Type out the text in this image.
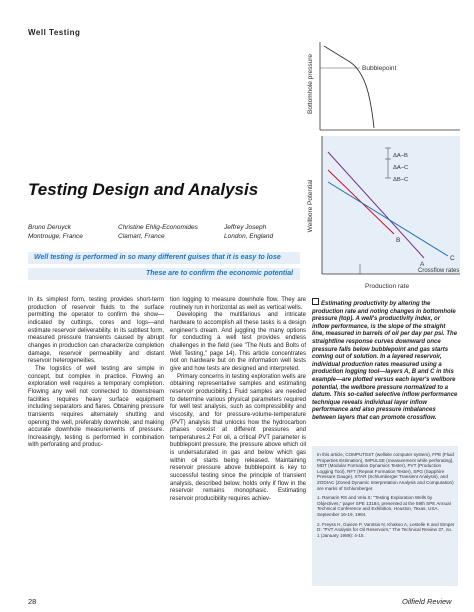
Well Testing
Bottomhole pressure	Bubblepoint
Wellbore Potential
ΔA–B
ΔA–C
ΔB–C
B
A
C
Crossflow rates
Production rate
Testing Design and Analysis
Bruno Deruyck
Montrouge, France
Christine Ehlig-Economides
Clamart, France
Jeffrey Joseph
London, England
Well testing is performed in so many different guises that it is easy to lose
These are to confirm the economic potential

In its simplest form, testing provides short-term production of reservoir fluids to the surface permitting the operator to confirm the show—indicated by cuttings, cores and logs—and estimate reservoir deliverability. In its subtlest form, measured pressure transients caused by abrupt changes in production can characterize completion damage, reservoir permeability and distant reservoir heterogeneities.

The logistics of well testing are simple in concept, but complex in practice. Flowing an exploration well requires a temporary completion. Flowing any well not connected to downstream facilities requires heavy surface equipment including separators and flares. Obtaining pressure transients requires alternately shutting and opening the well, preferably downhole, and making accurate downhole measurements of pressure. Increasingly, testing is performed in combination with perforating and produc-

tion logging to measure downhole flow. They are routinely run in horizontal as well as vertical wells.

Developing the multifarious and intricate hardware to accomplish all these tasks is a design engineer's dream. And juggling the many options for conducting a well test provides endless challenges in the field (see "The Nuts and Bolts of Well Testing," page 14). This article concentrates not on hardware but on the information well tests give and how tests are designed and interpreted.

Primary concerns in testing exploration wells are obtaining representative samples and estimating reservoir producibility.1 Fluid samples are needed to determine various physical parameters required for well test analysis, such as compressibility and viscosity, and for pressure-volume-temperature (PVT) analysis that unlocks how the hydrocarbon phases coexist at different pressures and temperatures.2 For oil, a critical PVT parameter is bubblepoint pressure, the pressure above which oil is undersaturated in gas and below which gas within oil starts being released. Maintaining reservoir pressure above bubblepoint is key to successful testing since the principle of transient analysis, described below, holds only if flow in the reservoir remains monophasic. Estimating reservoir producibility requires achiev-

Estimating productivity by altering the production rate and noting changes in bottomhole pressure (top). A well's productivity index, or inflow performance, is the slope of the straight line, measured in barrels of oil per day per psi. The straightline response curves downward once pressure falls below bubblepoint and gas starts coming out of solution. In a layered reservoir, individual production rates measured using a production logging tool—layers A, B and C in this example—are plotted versus each layer's wellbore potential, the wellbore pressure normalized to a datum. This so-called selective inflow performance technique reveals individual layer inflow performance and also pressure imbalances between layers that can promote crossflow.

In this article, COMPUTEST (wellsite computer system), FPE (Fluid Properties Estimation), IMPULSE (measurement while perforating), MDT (Modular Formation Dynamics Tester), PVT (Production Logging Tool), RFT (Repeat Formation Tester), SPG (Sapphire Pressure Gauge), STAR (Schlumberger Transient Analysis), and ZODIAC (Zoned Dynamic Interpretation Analysis and Computation) are marks of Schlumberger.

1. Ramarin RS and Vela S: "Testing Exploration Wells by Objectives," paper SPE 13184, presented at the 59th SPE Annual Technical Conference and Exhibition, Houston, Texas, USA, September 16-19, 1984.

2. Freyss H, Guieze P, Varotsis N, Khakoo A, Lestelle K and Simper D: "PVT Analysis for Oil Reservoirs," The Technical Review 37, no. 1 (January 1989): 4-15.

28	Oilfield Review
